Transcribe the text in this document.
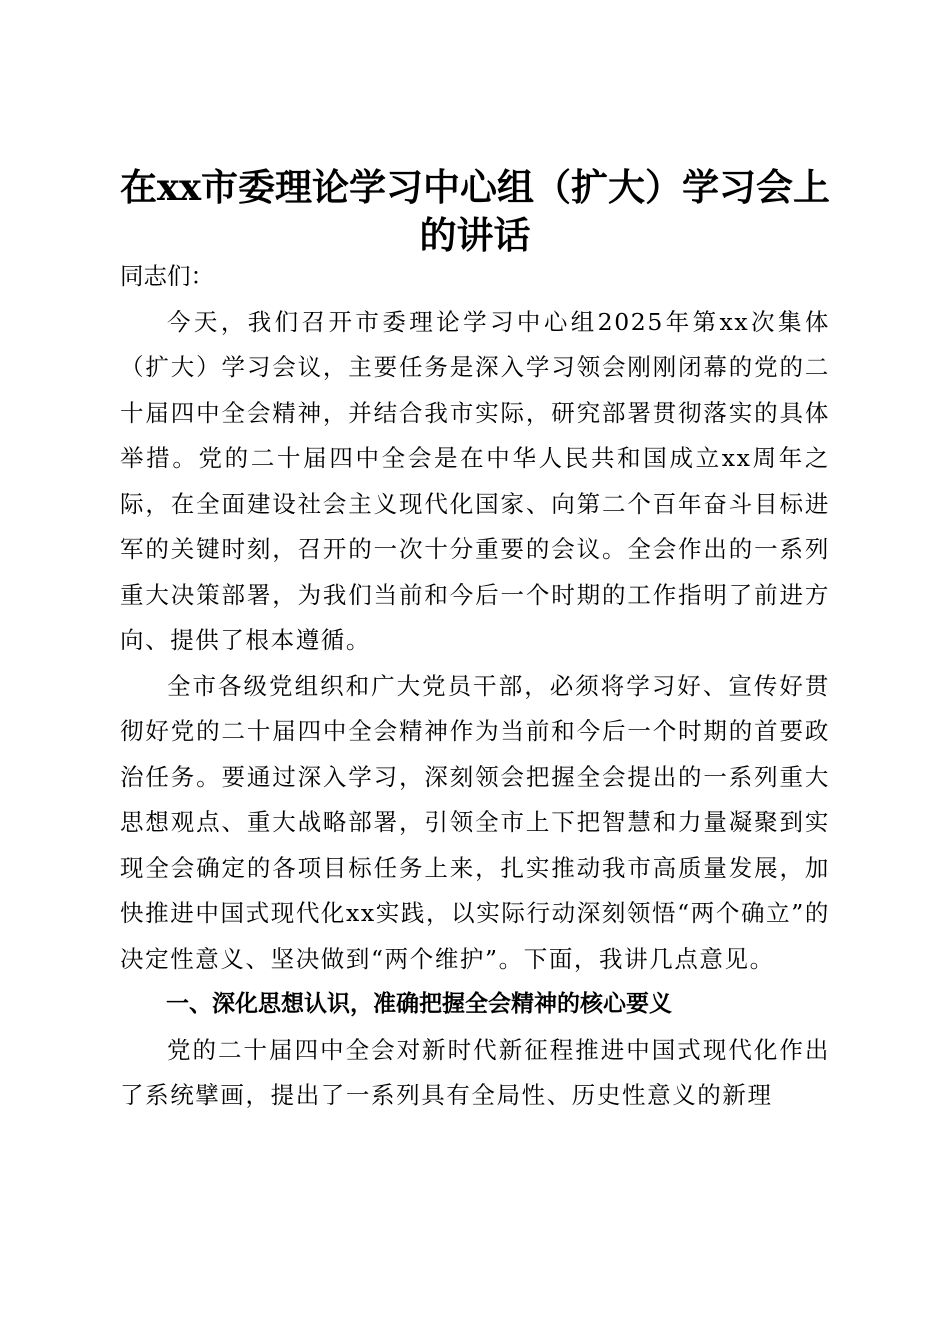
在xx市委理论学习中心组（扩大）学习会上
的讲话

同志们：

今天，我们召开市委理论学习中心组2025年第xx次集体（扩大）学习会议，主要任务是深入学习领会刚刚闭幕的党的二十届四中全会精神，并结合我市实际，研究部署贯彻落实的具体举措。党的二十届四中全会是在中华人民共和国成立xx周年之际，在全面建设社会主义现代化国家、向第二个百年奋斗目标进军的关键时刻，召开的一次十分重要的会议。全会作出的一系列重大决策部署，为我们当前和今后一个时期的工作指明了前进方向、提供了根本遵循。

全市各级党组织和广大党员干部，必须将学习好、宣传好贯彻好党的二十届四中全会精神作为当前和今后一个时期的首要政治任务。要通过深入学习，深刻领会把握全会提出的一系列重大思想观点、重大战略部署，引领全市上下把智慧和力量凝聚到实现全会确定的各项目标任务上来，扎实推动我市高质量发展，加快推进中国式现代化xx实践，以实际行动深刻领悟“两个确立”的决定性意义、坚决做到“两个维护”。下面，我讲几点意见。

一、深化思想认识，准确把握全会精神的核心要义

党的二十届四中全会对新时代新征程推进中国式现代化作出了系统擘画，提出了一系列具有全局性、历史性意义的新理
